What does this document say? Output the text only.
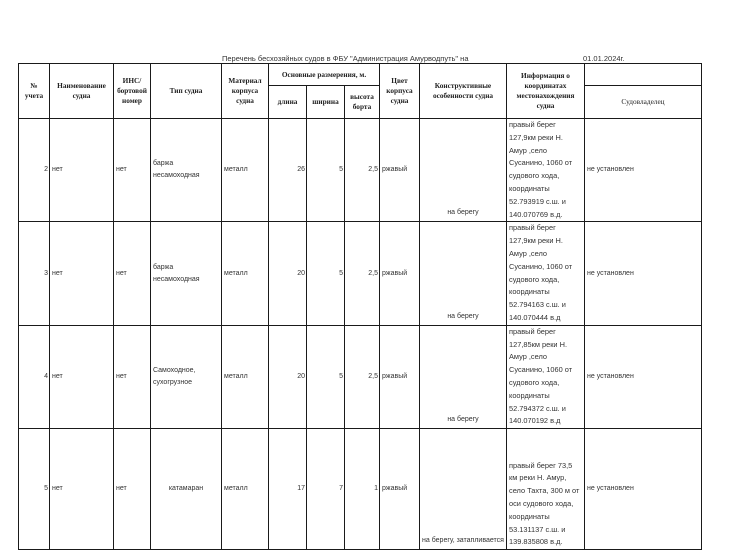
Перечень бесхозяйных судов в ФБУ "Администрация Амурводпуть" на	01.01.2024г.
№ учета	Наименование судна	ИНС/бортовой номер	Тип судна	Материал корпуса судна	Основные размерения, м.			Цвет корпуса судна	Конструктивные особенности судна	Информация о координатах местонахождения судна	
					длина	ширина	высота борта				Судовладелец
2	нет	нет	баржа несамоходная	металл	26	5	2,5	ржавый	на берегу	правый берег 127,9км реки Н. Амур ,село Сусанино, 1060 от судового хода, координаты 52.793919 с.ш. и 140.070769 в.д.	не установлен
3	нет	нет	баржа несамоходная	металл	20	5	2,5	ржавый	на берегу	правый берег 127,9км реки Н. Амур ,село Сусанино, 1060 от судового хода, координаты 52.794163 с.ш. и 140.070444 в.д	не установлен
4	нет	нет	Самоходное, сухогрузное	металл	20	5	2,5	ржавый	на берегу	правый берег 127,85км реки Н. Амур ,село Сусанино, 1060 от судового хода, координаты 52.794372 с.ш. и 140.070192 в.д	не установлен
5	нет	нет	катамаран	металл	17	7	1	ржавый	на берегу, затапливается	правый берег 73,5 км реки Н. Амур, село Тахта, 300 м от оси судового хода, координаты 53.131137 с.ш. и 139.835808 в.д.	не установлен
